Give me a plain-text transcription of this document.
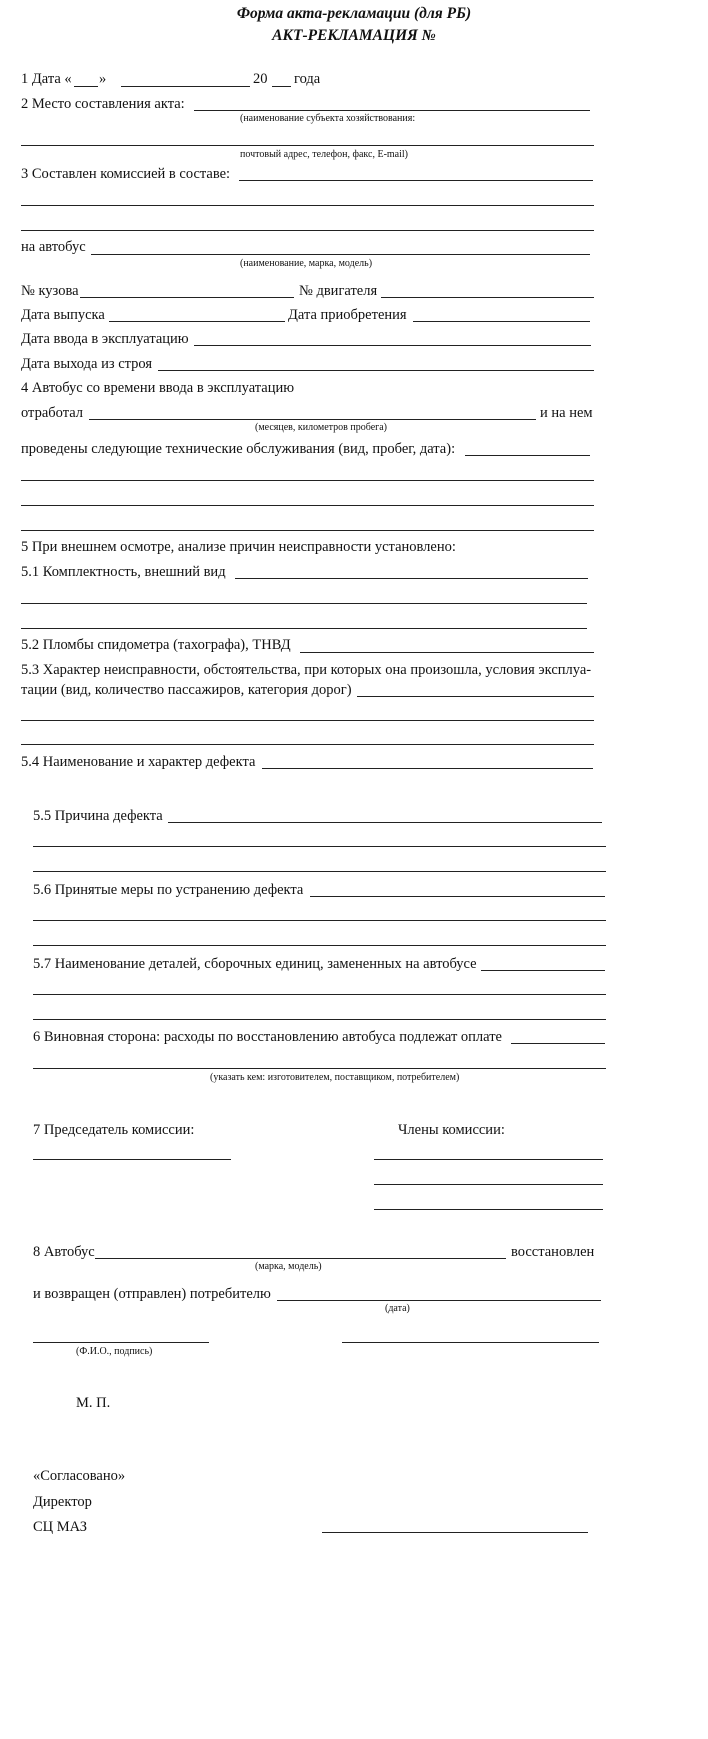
Форма акта-рекламации (для РБ)
АКТ-РЕКЛАМАЦИЯ №
1 Дата « »	20 года
2 Место составления акта:
(наименование субъекта хозяйствования:
почтовый адрес, телефон, факс, E-mail)
3 Составлен комиссией в составе:
на автобус
(наименование, марка, модель)
№ кузова	№ двигателя
Дата выпуска	Дата приобретения
Дата ввода в эксплуатацию
Дата выхода из строя
4 Автобус со времени ввода в эксплуатацию
отработал	и на нем
(месяцев, километров пробега)
проведены следующие технические обслуживания (вид, пробег, дата):
5 При внешнем осмотре, анализе причин неисправности установлено:
5.1 Комплектность, внешний вид
5.2 Пломбы спидометра (тахографа), ТНВД
5.3 Характер неисправности, обстоятельства, при которых она произошла, условия эксплуа-
тации (вид, количество пассажиров, категория дорог)
5.4 Наименование и характер дефекта
5.5 Причина дефекта
5.6 Принятые меры по устранению дефекта
5.7 Наименование деталей, сборочных единиц, замененных на автобусе
6 Виновная сторона: расходы по восстановлению автобуса подлежат оплате
(указать кем: изготовителем, поставщиком, потребителем)
7 Председатель комиссии:	Члены комиссии:
8 Автобус	восстановлен
(марка, модель)
и возвращен (отправлен) потребителю
(дата)
(Ф.И.О., подпись)
М. П.
«Согласовано»
Директор
СЦ МАЗ
